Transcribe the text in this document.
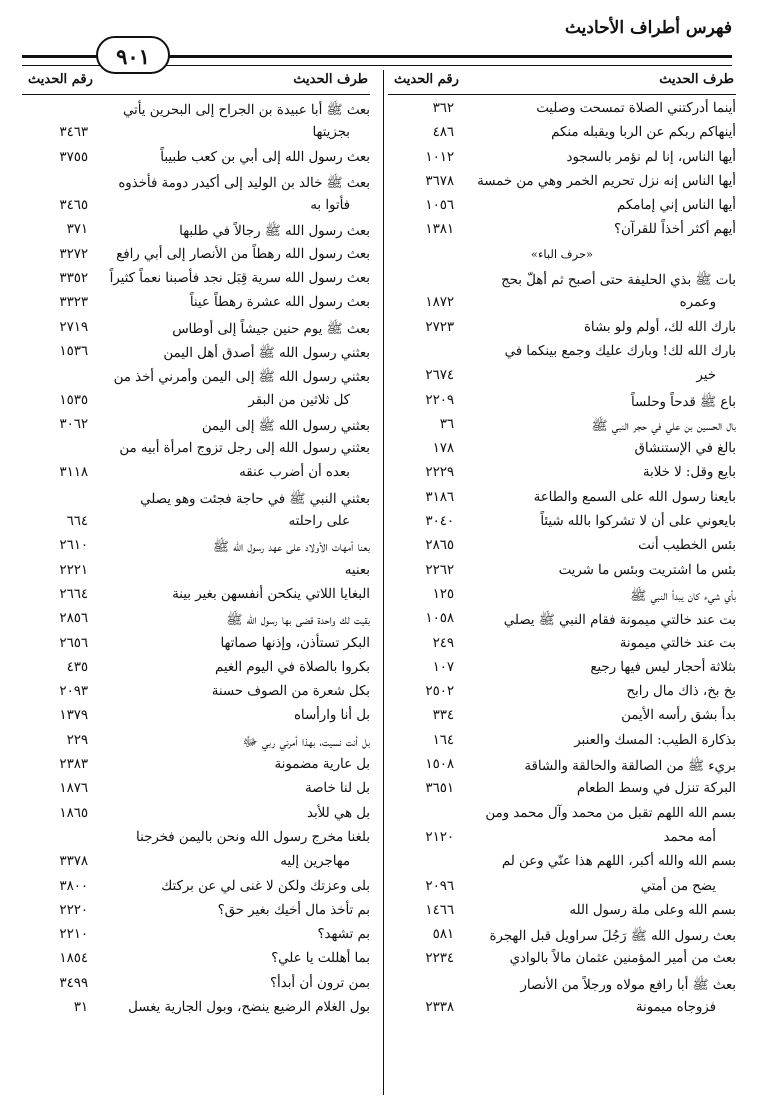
فهرس أطراف الأحاديث
٩٠١
طرف الحديث
رقم الحديث
أينما أدركتني الصلاة تمسحت وصليت
٣٦٢
أينهاكم ربكم عن الربا ويقبله منكم
٤٨٦
أيها الناس، إنا لم نؤمر بالسجود
١٠١٢
أيها الناس إنه نزل تحريم الخمر وهي من خمسة
٣٦٧٨
أيها الناس إني إمامكم
١٠٥٦
أيهم أكثر أخذاً للقرآن؟
١٣٨١
«حرف الباء»
بات ﷺ بذي الحليفة حتى أصبح ثم أهلّ بحج
وعمره
١٨٧٢
بارك الله لك، أولم ولو بشاة
٢٧٢٣
بارك الله لك! وبارك عليك وجمع بينكما في
خير
٢٦٧٤
باع ﷺ قدحاً وحلساً
٢٢٠٩
بال الحسين بن علي في حجر النبي ﷺ
٣٦
بالغ في الإستنشاق
١٧٨
بايع وقل: لا خلابة
٢٢٢٩
بايعنا رسول الله على السمع والطاعة
٣١٨٦
بايعوني على أن لا تشركوا بالله شيئاً
٣٠٤٠
بئس الخطيب أنت
٢٨٦٥
بئس ما اشتريت وبئس ما شريت
٢٢٦٢
بأي شيء كان يبدأ النبي ﷺ
١٢٥
بت عند خالتي ميمونة فقام النبي ﷺ يصلي
١٠٥٨
بت عند خالتي ميمونة
٢٤٩
بثلاثة أحجار ليس فيها رجيع
١٠٧
بخ بخ، ذاك مال رابح
٢٥٠٢
بدأ بشق رأسه الأيمن
٣٣٤
بذكارة الطيب: المسك والعنبر
١٦٤
بريء ﷺ من الصالقة والحالقة والشاقة
١٥٠٨
البركة تنزل في وسط الطعام
٣٦٥١
بسم الله اللهم تقبل من محمد وآل محمد ومن
أمه محمد
٢١٢٠
بسم الله والله أكبر، اللهم هذا عنّي وعن لم
يضح من أمتي
٢٠٩٦
بسم الله وعلى ملة رسول الله
١٤٦٦
بعث رسول الله ﷺ رَجُلَ سراويل قبل الهجرة
٥٨١
بعث من أمير المؤمنين عثمان مالاً بالوادي
٢٢٣٤
بعث ﷺ أبا رافع مولاه ورجلاً من الأنصار
فزوجاه ميمونة
٢٣٣٨
طرف الحديث
رقم الحديث
بعث ﷺ أبا عبيدة بن الجراح إلى البحرين يأتي
بجزيتها
٣٤٦٣
بعث رسول الله إلى أبي بن كعب طبيباً
٣٧٥٥
بعث ﷺ خالد بن الوليد إلى أكيدر دومة فأخذوه
فأتوا به
٣٤٦٥
بعث رسول الله ﷺ رجالاً في طلبها
٣٧١
بعث رسول الله رهطاً من الأنصار إلى أبي رافع
٣٢٧٢
بعث رسول الله سرية قِبَل نجد فأصبنا نعماً كثيراً
٣٣٥٢
بعث رسول الله عشرة رهطاً عيناً
٣٣٢٣
بعث ﷺ يوم حنين جيشاً إلى أوطاس
٢٧١٩
بعثني رسول الله ﷺ أصدق أهل اليمن
١٥٣٦
بعثني رسول الله ﷺ إلى اليمن وأمرني أخذ من
كل ثلاثين من البقر
١٥٣٥
بعثني رسول الله ﷺ إلى اليمن
٣٠٦٢
بعثني رسول الله إلى رجل تزوج امرأة أبيه من
بعده أن أضرب عنقه
٣١١٨
بعثني النبي ﷺ في حاجة فجئت وهو يصلي
على راحلته
٦٦٤
بعنا أمهات الأولاد على عهد رسول الله ﷺ
٢٦١٠
بعنيه
٢٢٢١
البغايا اللاتي ينكحن أنفسهن بغير بينة
٢٦٦٤
بقيت لك واحدة قضى بها رسول الله ﷺ
٢٨٥٦
البكر تستأذن، وإذنها صماتها
٢٦٥٦
بكروا بالصلاة في اليوم الغيم
٤٣٥
بكل شعرة من الصوف حسنة
٢٠٩٣
بل أنا وارأساه
١٣٧٩
بل أنت نسيت، بهذا أمرني ربي ﷻ
٢٢٩
بل عارية مضمونة
٢٣٨٣
بل لنا خاصة
١٨٧٦
بل هي للأبد
١٨٦٥
بلغنا مخرج رسول الله ونحن باليمن فخرجنا
مهاجرين إليه
٣٣٧٨
بلى وعزتك ولكن لا غنى لي عن بركتك
٣٨٠٠
بم تأخذ مال أخيك بغير حق؟
٢٢٢٠
بم تشهد؟
٢٢١٠
بما أهللت يا علي؟
١٨٥٤
بمن ترون أن أبدأ؟
٣٤٩٩
بول الغلام الرضيع ينضح، وبول الجارية يغسل
٣١
